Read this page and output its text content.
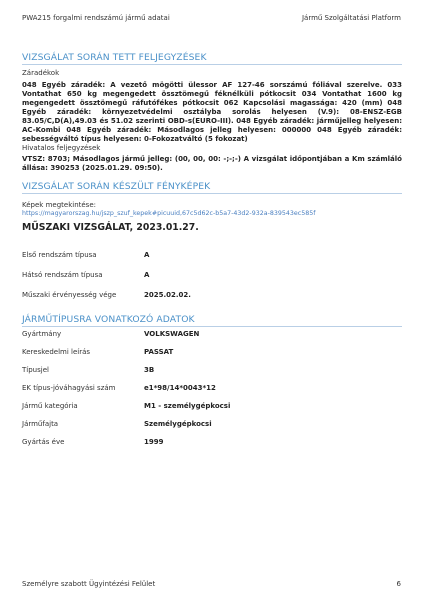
PWA215 forgalmi rendszámú jármű adatai	Jármű Szolgáltatási Platform
VIZSGÁLAT SORÁN TETT FELJEGYZÉSEK
Záradékok
048 Egyéb záradék: A vezető mögötti ülessor AF 127-46 sorszámú fóliával szerelve. 033 Vontathat 650 kg megengedett össztömegű féknélküli pótkocsit 034 Vontathat 1600 kg megengedett össztömegű ráfutófékes pótkocsit 062 Kapcsolási magassága: 420 (mm) 048 Egyéb záradék: környezetvédelmi osztályba sorolás helyesen (V.9): 08-ENSZ-EGB 83.05/C,D(A),49.03 és 51.02 szerinti OBD-s(EURO-III). 048 Egyéb záradék: járműjelleg helyesen: AC-Kombi 048 Egyéb záradék: Másodlagos jelleg helyesen: 000000 048 Egyéb záradék: sebességváltó típus helyesen: 0-Fokozatváltó (5 fokozat)
Hivatalos feljegyzések
VTSZ: 8703; Másodlagos jármű jelleg: (00, 00, 00: -;-;-) A vizsgálat időpontjában a Km számláló állása: 390253 (2025.01.29. 09:50).
VIZSGÁLAT SORÁN KÉSZÜLT FÉNYKÉPEK
Képek megtekintése:
https://magyarorszag.hu/jszp_szuf_kepek#picuuid,67c5d62c-b5a7-43d2-932a-839543ec585f
MŰSZAKI VIZSGÁLAT, 2023.01.27.
Első rendszám típusa	A
Hátsó rendszám típusa	A
Műszaki érvényesség vége	2025.02.02.
JÁRMŰTÍPUSRA VONATKOZÓ ADATOK
Gyártmány	VOLKSWAGEN
Kereskedelmi leírás	PASSAT
Típusjel	3B
EK típus-jóváhagyási szám	e1*98/14*0043*12
Jármű kategória	M1 - személygépkocsi
Járműfajta	Személygépkocsi
Gyártás éve	1999
Személyre szabott Ügyintézési Felület	6
